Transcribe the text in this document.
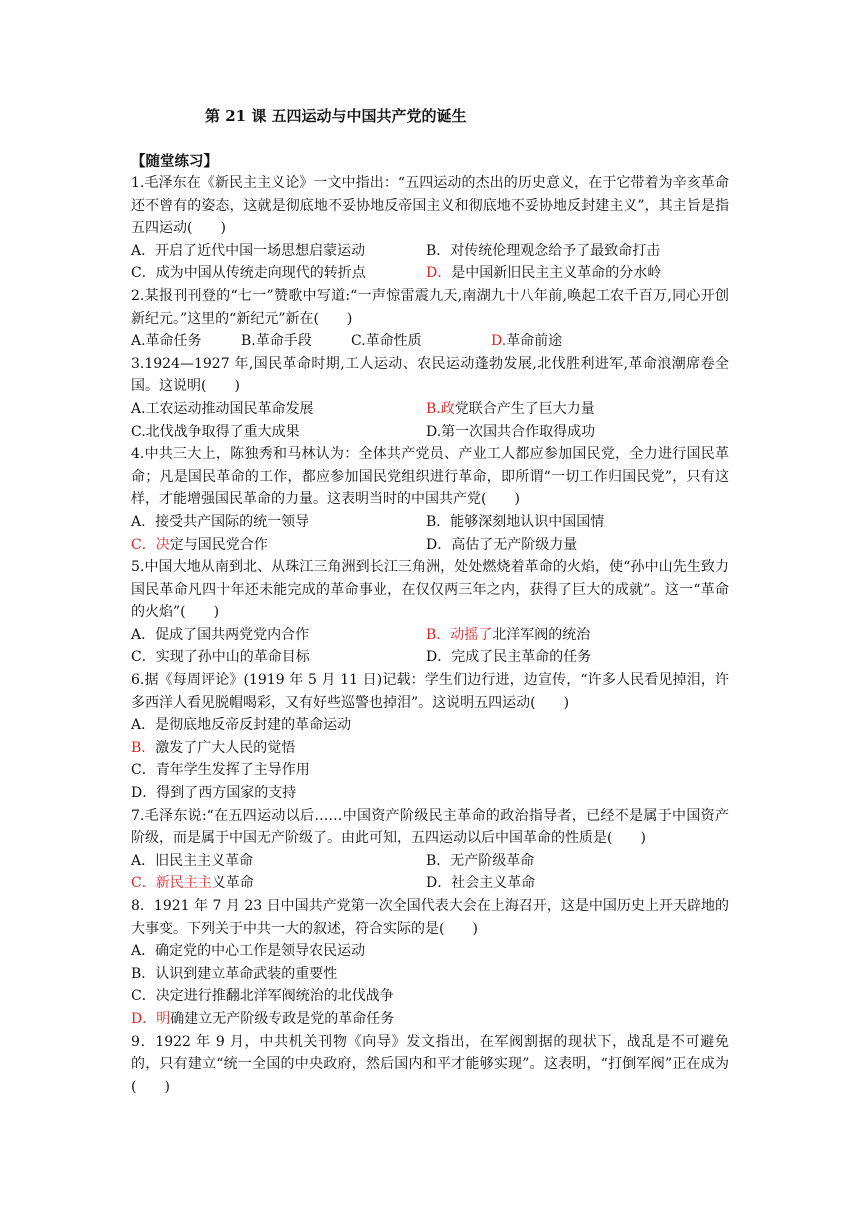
第 21 课 五四运动与中国共产党的诞生
【随堂练习】

1.毛泽东在《新民主主义论》一文中指出：“五四运动的杰出的历史意义，在于它带着为辛亥革命还不曾有的姿态，这就是彻底地不妥协地反帝国主义和彻底地不妥协地反封建主义”，其主旨是指五四运动(　　)

A．开启了近代中国一场思想启蒙运动	B．对传统伦理观念给予了最致命打击
C．成为中国从传统走向现代的转折点	D．是中国新旧民主主义革命的分水岭

2.某报刊刊登的“七一”赞歌中写道:“一声惊雷震九天,南湖九十八年前,唤起工农千百万,同心开创新纪元。”这里的“新纪元”新在(　　)

A.革命任务	B.革命手段	C.革命性质	D.革命前途

3.1924—1927 年,国民革命时期,工人运动、农民运动蓬勃发展,北伐胜利进军,革命浪潮席卷全国。这说明(　　)

A.工农运动推动国民革命发展	B.政党联合产生了巨大力量
C.北伐战争取得了重大成果	D.第一次国共合作取得成功

4.中共三大上，陈独秀和马林认为：全体共产党员、产业工人都应参加国民党，全力进行国民革命；凡是国民革命的工作，都应参加国民党组织进行革命，即所谓“一切工作归国民党”，只有这样，才能增强国民革命的力量。这表明当时的中国共产党(　　)

A．接受共产国际的统一领导	B．能够深刻地认识中国国情
C．决定与国民党合作	D．高估了无产阶级力量

5.中国大地从南到北、从珠江三角洲到长江三角洲，处处燃烧着革命的火焰，使“孙中山先生致力国民革命凡四十年还未能完成的革命事业，在仅仅两三年之内，获得了巨大的成就”。这一“革命的火焰”(　　)

A．促成了国共两党党内合作	B．动摇了北洋军阀的统治
C．实现了孙中山的革命目标	D．完成了民主革命的任务

6.据《每周评论》(1919 年 5 月 11 日)记载：学生们边行进，边宣传，“许多人民看见掉泪，许多西洋人看见脱帽喝彩，又有好些巡警也掉泪”。这说明五四运动(　　)

A．是彻底地反帝反封建的革命运动
B．激发了广大人民的觉悟
C．青年学生发挥了主导作用
D．得到了西方国家的支持

7.毛泽东说:“在五四运动以后……中国资产阶级民主革命的政治指导者，已经不是属于中国资产阶级，而是属于中国无产阶级了。由此可知，五四运动以后中国革命的性质是(　　)

A．旧民主主义革命	B．无产阶级革命
C．新民主主义革命	D．社会主义革命

8．1921 年 7 月 23 日中国共产党第一次全国代表大会在上海召开，这是中国历史上开天辟地的大事变。下列关于中共一大的叙述，符合实际的是(　　)

A．确定党的中心工作是领导农民运动
B．认识到建立革命武装的重要性
C．决定进行推翻北洋军阀统治的北伐战争
D．明确建立无产阶级专政是党的革命任务

9．1922 年 9 月，中共机关刊物《向导》发文指出，在军阀割据的现状下，战乱是不可避免的，只有建立“统一全国的中央政府，然后国内和平才能够实现”。这表明，“打倒军阀”正在成为(　　)
